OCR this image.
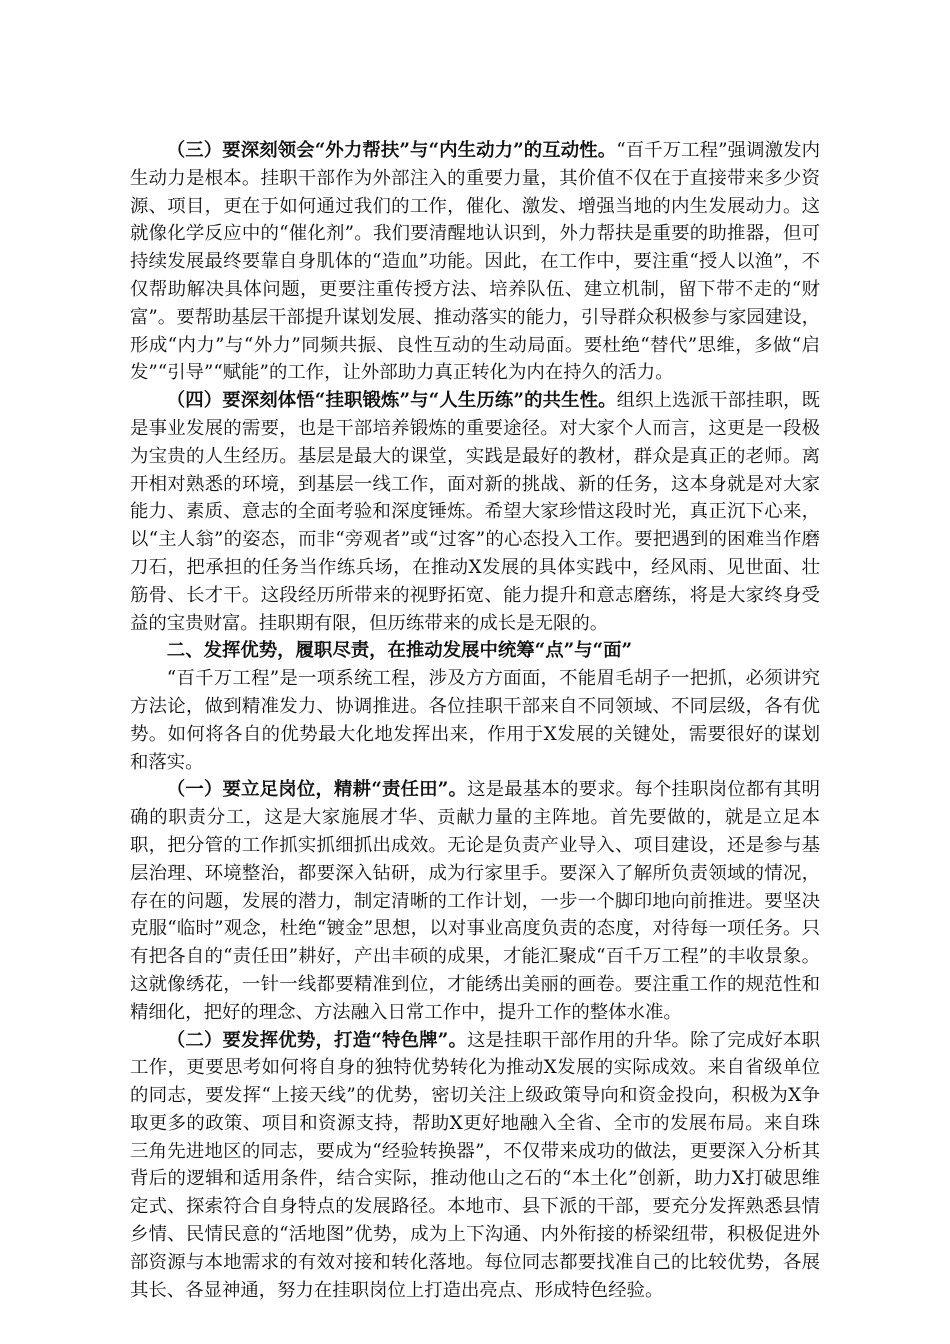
（三）要深刻领会“外力帮扶”与“内生动力”的互动性。“百千万工程”强调激发内生动力是根本。挂职干部作为外部注入的重要力量，其价值不仅在于直接带来多少资源、项目，更在于如何通过我们的工作，催化、激发、增强当地的内生发展动力。这就像化学反应中的“催化剂”。我们要清醒地认识到，外力帮扶是重要的助推器，但可持续发展最终要靠自身肌体的“造血”功能。因此，在工作中，要注重“授人以渔”，不仅帮助解决具体问题，更要注重传授方法、培养队伍、建立机制，留下带不走的“财富”。要帮助基层干部提升谋划发展、推动落实的能力，引导群众积极参与家园建设，形成“内力”与“外力”同频共振、良性互动的生动局面。要杜绝“替代”思维，多做“启发”“引导”“赋能”的工作，让外部助力真正转化为内在持久的活力。

（四）要深刻体悟“挂职锻炼”与“人生历练”的共生性。组织上选派干部挂职，既是事业发展的需要，也是干部培养锻炼的重要途径。对大家个人而言，这更是一段极为宝贵的人生经历。基层是最大的课堂，实践是最好的教材，群众是真正的老师。离开相对熟悉的环境，到基层一线工作，面对新的挑战、新的任务，这本身就是对大家能力、素质、意志的全面考验和深度锤炼。希望大家珍惜这段时光，真正沉下心来，以“主人翁”的姿态，而非“旁观者”或“过客”的心态投入工作。要把遇到的困难当作磨刀石，把承担的任务当作练兵场，在推动X发展的具体实践中，经风雨、见世面、壮筋骨、长才干。这段经历所带来的视野拓宽、能力提升和意志磨练，将是大家终身受益的宝贵财富。挂职期有限，但历练带来的成长是无限的。

二、发挥优势，履职尽责，在推动发展中统筹“点”与“面”

“百千万工程”是一项系统工程，涉及方方面面，不能眉毛胡子一把抓，必须讲究方法论，做到精准发力、协调推进。各位挂职干部来自不同领域、不同层级，各有优势。如何将各自的优势最大化地发挥出来，作用于X发展的关键处，需要很好的谋划和落实。

（一）要立足岗位，精耕“责任田”。这是最基本的要求。每个挂职岗位都有其明确的职责分工，这是大家施展才华、贡献力量的主阵地。首先要做的，就是立足本职，把分管的工作抓实抓细抓出成效。无论是负责产业导入、项目建设，还是参与基层治理、环境整治，都要深入钻研，成为行家里手。要深入了解所负责领域的情况，存在的问题，发展的潜力，制定清晰的工作计划，一步一个脚印地向前推进。要坚决克服“临时”观念，杜绝“镀金”思想，以对事业高度负责的态度，对待每一项任务。只有把各自的“责任田”耕好，产出丰硕的成果，才能汇聚成“百千万工程”的丰收景象。这就像绣花，一针一线都要精准到位，才能绣出美丽的画卷。要注重工作的规范性和精细化，把好的理念、方法融入日常工作中，提升工作的整体水准。

（二）要发挥优势，打造“特色牌”。这是挂职干部作用的升华。除了完成好本职工作，更要思考如何将自身的独特优势转化为推动X发展的实际成效。来自省级单位的同志，要发挥“上接天线”的优势，密切关注上级政策导向和资金投向，积极为X争取更多的政策、项目和资源支持，帮助X更好地融入全省、全市的发展布局。来自珠三角先进地区的同志，要成为“经验转换器”，不仅带来成功的做法，更要深入分析其背后的逻辑和适用条件，结合实际，推动他山之石的“本土化”创新，助力X打破思维定式、探索符合自身特点的发展路径。本地市、县下派的干部，要充分发挥熟悉县情乡情、民情民意的“活地图”优势，成为上下沟通、内外衔接的桥梁纽带，积极促进外部资源与本地需求的有效对接和转化落地。每位同志都要找准自己的比较优势，各展其长、各显神通，努力在挂职岗位上打造出亮点、形成特色经验。
